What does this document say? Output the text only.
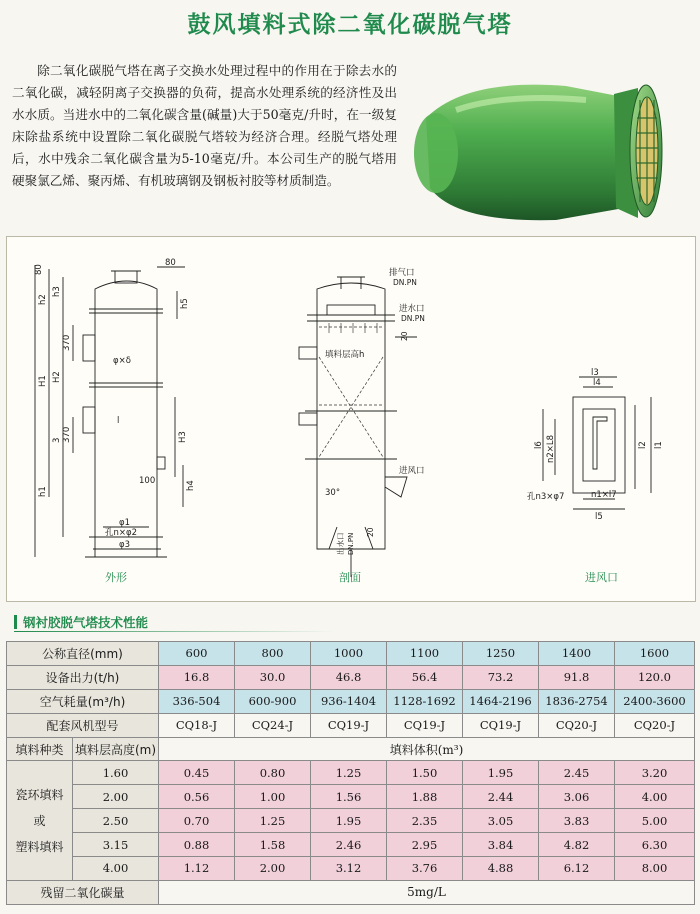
鼓风填料式除二氧化碳脱气塔
除二氧化碳脱气塔在离子交换水处理过程中的作用在于除去水的二氧化碳，减轻阴离子交换器的负荷，提高水处理系统的经济性及出水水质。当进水中的二氧化碳含量(碱量)大于50毫克/升时，在一级复床除盐系统中设置除二氧化碳脱气塔较为经济合理。经脱气塔处理后，水中残余二氧化碳含量为5-10毫克/升。本公司生产的脱气塔用硬聚氯乙烯、聚丙烯、有机玻璃钢及钢板衬胶等材质制造。
80
80
h2
h3
370
H2
H1
φ×δ
3 370
h1
100	h4
H3
h5
l
φ1
孔n×φ2
φ3
排气口
DN.PN
进水口
DN.PN
20
填料层高h
进风口
30°
出水口 DN.PN
20
l3
l4
l6 n2×L8	l2 l1
孔n3×φ7	n1×l7
l5
外形	剖面	进风口
钢衬胶脱气塔技术性能
公称直径(mm)		600	800	1000	1100	1250	1400	1600
设备出力(t/h)		16.8	30.0	46.8	56.4	73.2	91.8	120.0
空气耗量(m³/h)		336-504	600-900	936-1404	1128-1692	1464-2196	1836-2754	2400-3600
配套风机型号		CQ18-J	CQ24-J	CQ19-J	CQ19-J	CQ19-J	CQ20-J	CQ20-J
填料种类	填料层高度(m)	填料体积(m³)						

瓷环填料
或
塑料填料	1.60	0.45	0.80	1.25	1.50	1.95	2.45	3.20
	2.00	0.56	1.00	1.56	1.88	2.44	3.06	4.00
	2.50	0.70	1.25	1.95	2.35	3.05	3.83	5.00
	3.15	0.88	1.58	2.46	2.95	3.84	4.82	6.30
	4.00	1.12	2.00	3.12	3.76	4.88	6.12	8.00
残留二氧化碳量		5mg/L						
